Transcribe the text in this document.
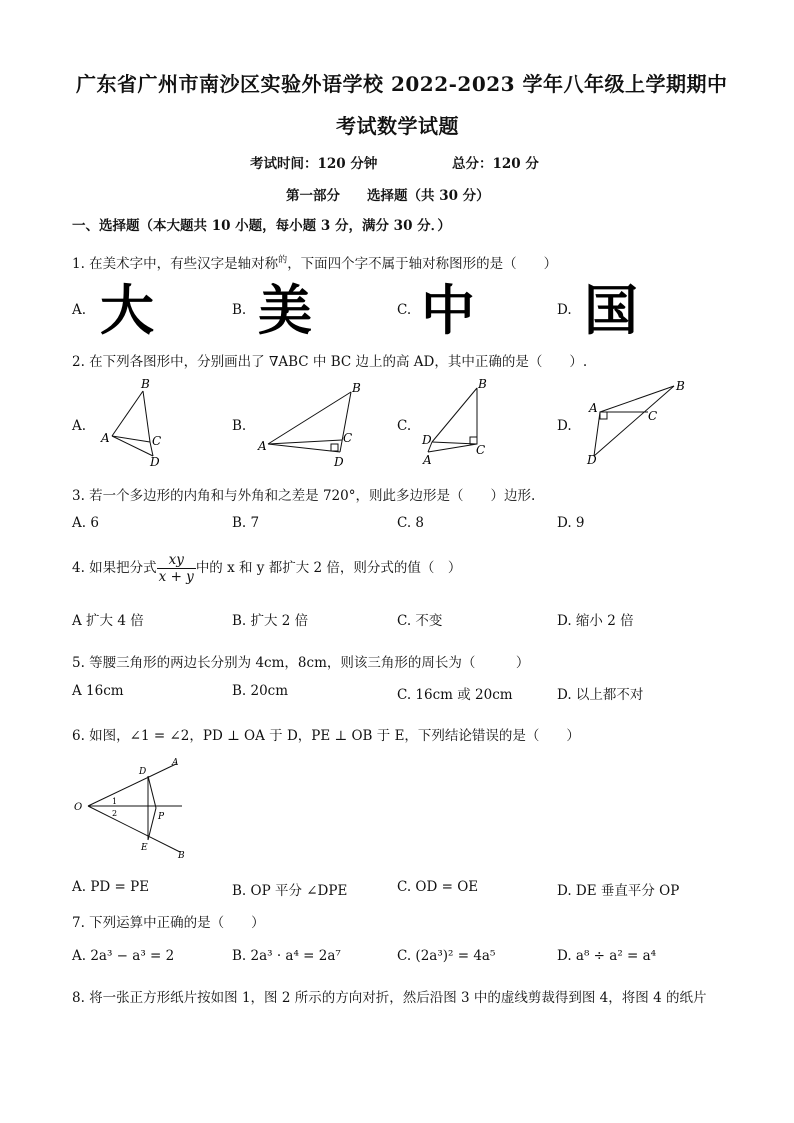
广东省广州市南沙区实验外语学校 2022-2023 学年八年级上学期期中
考试数学试题
考试时间：120 分钟	总分：120 分
第一部分　　选择题（共 30 分）
一、选择题（本大题共 10 小题，每小题 3 分，满分 30 分．）
1. 在美术字中，有些汉字是轴对称$^的$，下面四个字不属于轴对称图形的是（　　）
A. 大	B. 美	C. 中	D. 国
2. 在下列各图形中，分别画出了 ∇ABC 中 BC 边上的高 AD，其中正确的是（　　）.
A.
B
A	C
D
B.
B
A
C
D
C.
B
D
C
A
D.
B
A
C
D
3. 若一个多边形的内角和与外角和之差是 720°，则此多边形是（　　）边形.
A. 6	B. 7	C. 8	D. 9
4. 如果把分式 $\frac{xy}{x + y}$ 中的 x 和 y 都扩大 2 倍，则分式的值（　）
A 扩大 4 倍	B. 扩大 2 倍	C. 不变	D. 缩小 2 倍
5. 等腰三角形的两边长分别为 4cm，8cm，则该三角形的周长为（　　　）
A 16cm	B. 20cm	C. 16cm 或 20cm	D. 以上都不对
6. 如图，∠1 = ∠2，PD ⊥ OA 于 D，PE ⊥ OB 于 E，下列结论错误的是（　　）
O
A
B
D
E
P
1
2
A. PD = PE	B. OP 平分 ∠DPE	C. OD = OE	D. DE 垂直平分 OP
7. 下列运算中正确的是（　　）
A. 2a³ − a³ = 2	B. 2a³ · a⁴ = 2a⁷	C. (2a³)² = 4a⁵	D. a⁸ ÷ a² = a⁴
8. 将一张正方形纸片按如图 1，图 2 所示的方向对折，然后沿图 3 中的虚线剪裁得到图 4，将图 4 的纸片
